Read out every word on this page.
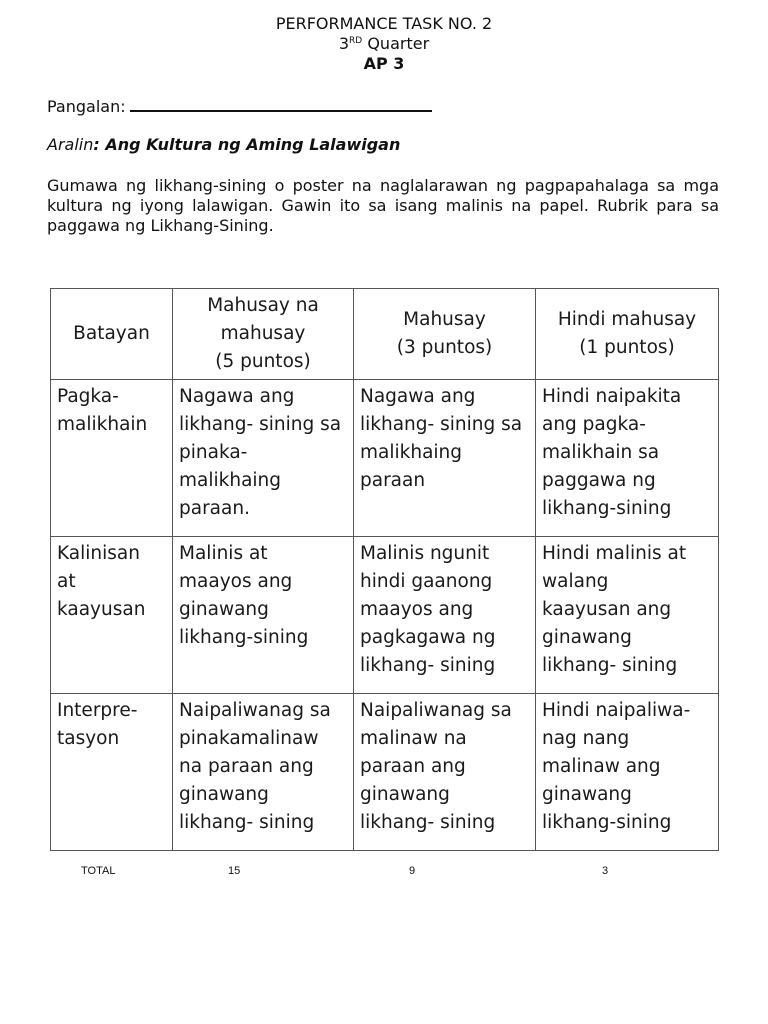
PERFORMANCE TASK NO. 2
3RD Quarter
AP 3
Pangalan:
Aralin: Ang Kultura ng Aming Lalawigan
Gumawa ng likhang-sining o poster na naglalarawan ng pagpapahalaga sa mga kultura ng iyong lalawigan. Gawin ito sa isang malinis na papel. Rubrik para sa paggawa ng Likhang-Sining.
Batayan	Mahusay na
mahusay
(5 puntos)	Mahusay
(3 puntos)	Hindi mahusay
(1 puntos)
Pagka-
malikhain	Nagawa ang
likhang- sining sa
pinaka-
malikhaing
paraan.	Nagawa ang
likhang- sining sa
malikhaing
paraan	Hindi naipakita
ang pagka-
malikhain sa
paggawa ng
likhang-sining
Kalinisan
at
kaayusan	Malinis at
maayos ang
ginawang
likhang-sining	Malinis ngunit
hindi gaanong
maayos ang
pagkagawa ng
likhang- sining	Hindi malinis at
walang
kaayusan ang
ginawang
likhang- sining
Interpre-
tasyon	Naipaliwanag sa
pinakamalinaw
na paraan ang
ginawang
likhang- sining	Naipaliwanag sa
malinaw na
paraan ang
ginawang
likhang- sining	Hindi naipaliwa-
nag nang
malinaw ang
ginawang
likhang-sining
TOTAL	15	9	3
